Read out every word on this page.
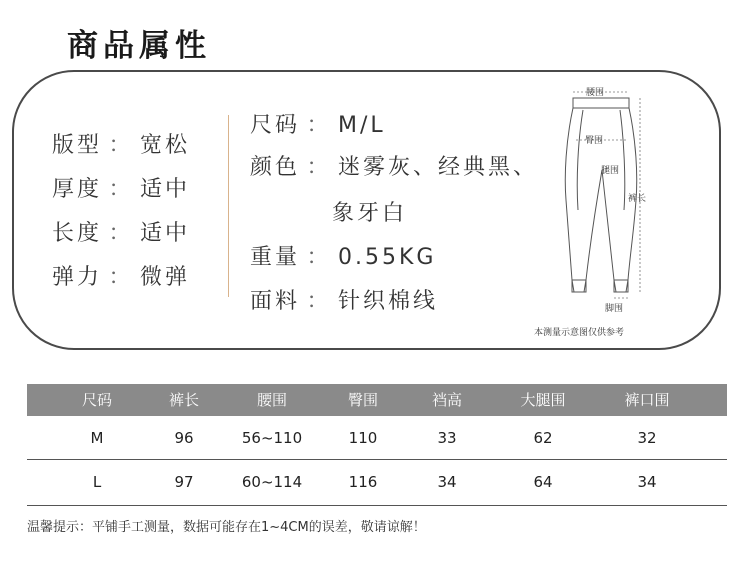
商品属性
版型 ： 宽松
厚度 ： 适中
长度 ： 适中
弹力 ： 微弹
尺码 ： M/L
颜色 ： 迷雾灰、经典黑、
象牙白
重量 ： 0.55KG
面料 ： 针织棉线
腰围
臀围
腿围
裤长
脚围
本测量示意图仅供参考
尺码	裤长	腰围	臀围	裆高	大腿围	裤口围
M	96	56~110	110	33	62	32
L	97	60~114	116	34	64	34
温馨提示：平铺手工测量，数据可能存在1~4CM的误差，敬请谅解！
